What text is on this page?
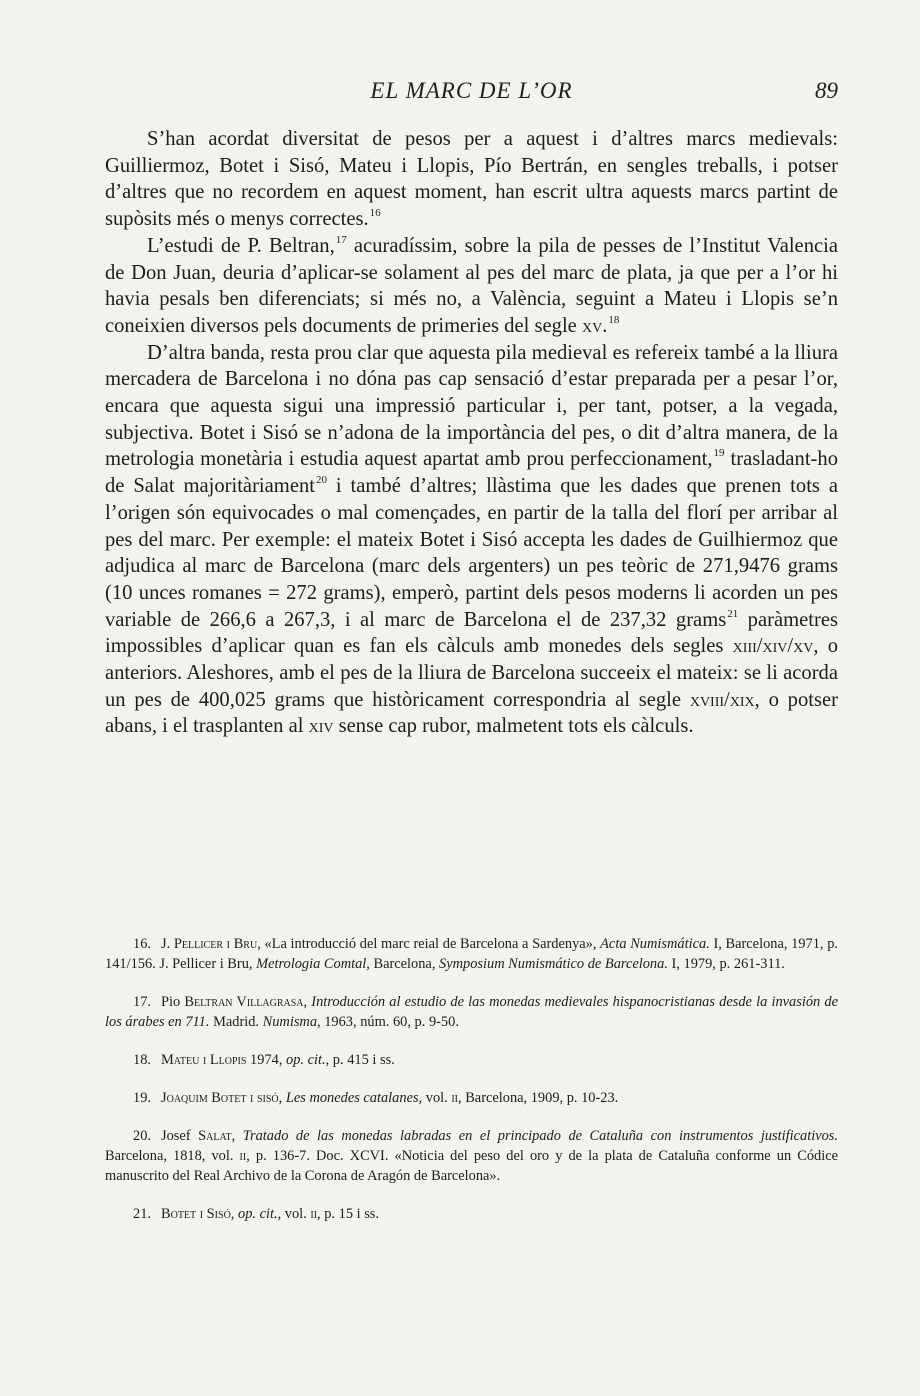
EL MARC DE L’OR	89

S’han acordat diversitat de pesos per a aquest i d’altres marcs medievals: Guilliermoz, Botet i Sisó, Mateu i Llopis, Pío Bertrán, en sengles treballs, i potser d’altres que no recordem en aquest moment, han escrit ultra aquests marcs partint de supòsits més o menys correctes.$^{16}$

L’estudi de P. Beltran,$^{17}$ acuradíssim, sobre la pila de pesses de l’Institut Valencia de Don Juan, deuria d’aplicar-se solament al pes del marc de plata, ja que per a l’or hi havia pesals ben diferenciats; si més no, a València, seguint a Mateu i Llopis se’n coneixien diversos pels documents de primeries del segle xv.$^{18}$

D’altra banda, resta prou clar que aquesta pila medieval es refereix també a la lliura mercadera de Barcelona i no dóna pas cap sensació d’estar preparada per a pesar l’or, encara que aquesta sigui una impressió particular i, per tant, potser, a la vegada, subjectiva. Botet i Sisó se n’adona de la importància del pes, o dit d’altra manera, de la metrologia monetària i estudia aquest apartat amb prou perfeccionament,$^{19}$ trasladant-ho de Salat majoritàriament$^{20}$ i també d’altres; llàstima que les dades que prenen tots a l’origen són equivocades o mal començades, en partir de la talla del florí per arribar al pes del marc. Per exemple: el mateix Botet i Sisó accepta les dades de Guilhiermoz que adjudica al marc de Barcelona (marc dels argenters) un pes teòric de 271,9476 grams (10 unces romanes = 272 grams), emperò, partint dels pesos moderns li acorden un pes variable de 266,6 a 267,3, i al marc de Barcelona el de 237,32 grams$^{21}$ paràmetres impossibles d’aplicar quan es fan els càlculs amb monedes dels segles xiii/xiv/xv, o anteriors. Aleshores, amb el pes de la lliura de Barcelona succeeix el mateix: se li acorda un pes de 400,025 grams que històricament correspondria al segle xviii/xix, o potser abans, i el trasplanten al xiv sense cap rubor, malmetent tots els càlculs.

16. J. Pellicer i Bru, «La introducció del marc reial de Barcelona a Sardenya», Acta Numismática. I, Barcelona, 1971, p. 141/156. J. Pellicer i Bru, Metrologia Comtal, Barcelona, Symposium Numismático de Barcelona. I, 1979, p. 261-311.

17. Pio Beltran Villagrasa, Introducción al estudio de las monedas medievales hispanocristianas desde la invasión de los árabes en 711. Madrid. Numisma, 1963, núm. 60, p. 9-50.

18. Mateu i Llopis 1974, op. cit., p. 415 i ss.

19. Joaquim Botet i sisó, Les monedes catalanes, vol. ii, Barcelona, 1909, p. 10-23.

20. Josef Salat, Tratado de las monedas labradas en el principado de Cataluña con instrumentos justificativos. Barcelona, 1818, vol. ii, p. 136-7. Doc. XCVI. «Noticia del peso del oro y de la plata de Cataluña conforme un Códice manuscrito del Real Archivo de la Corona de Aragón de Barcelona».

21. Botet i Sisó, op. cit., vol. ii, p. 15 i ss.
